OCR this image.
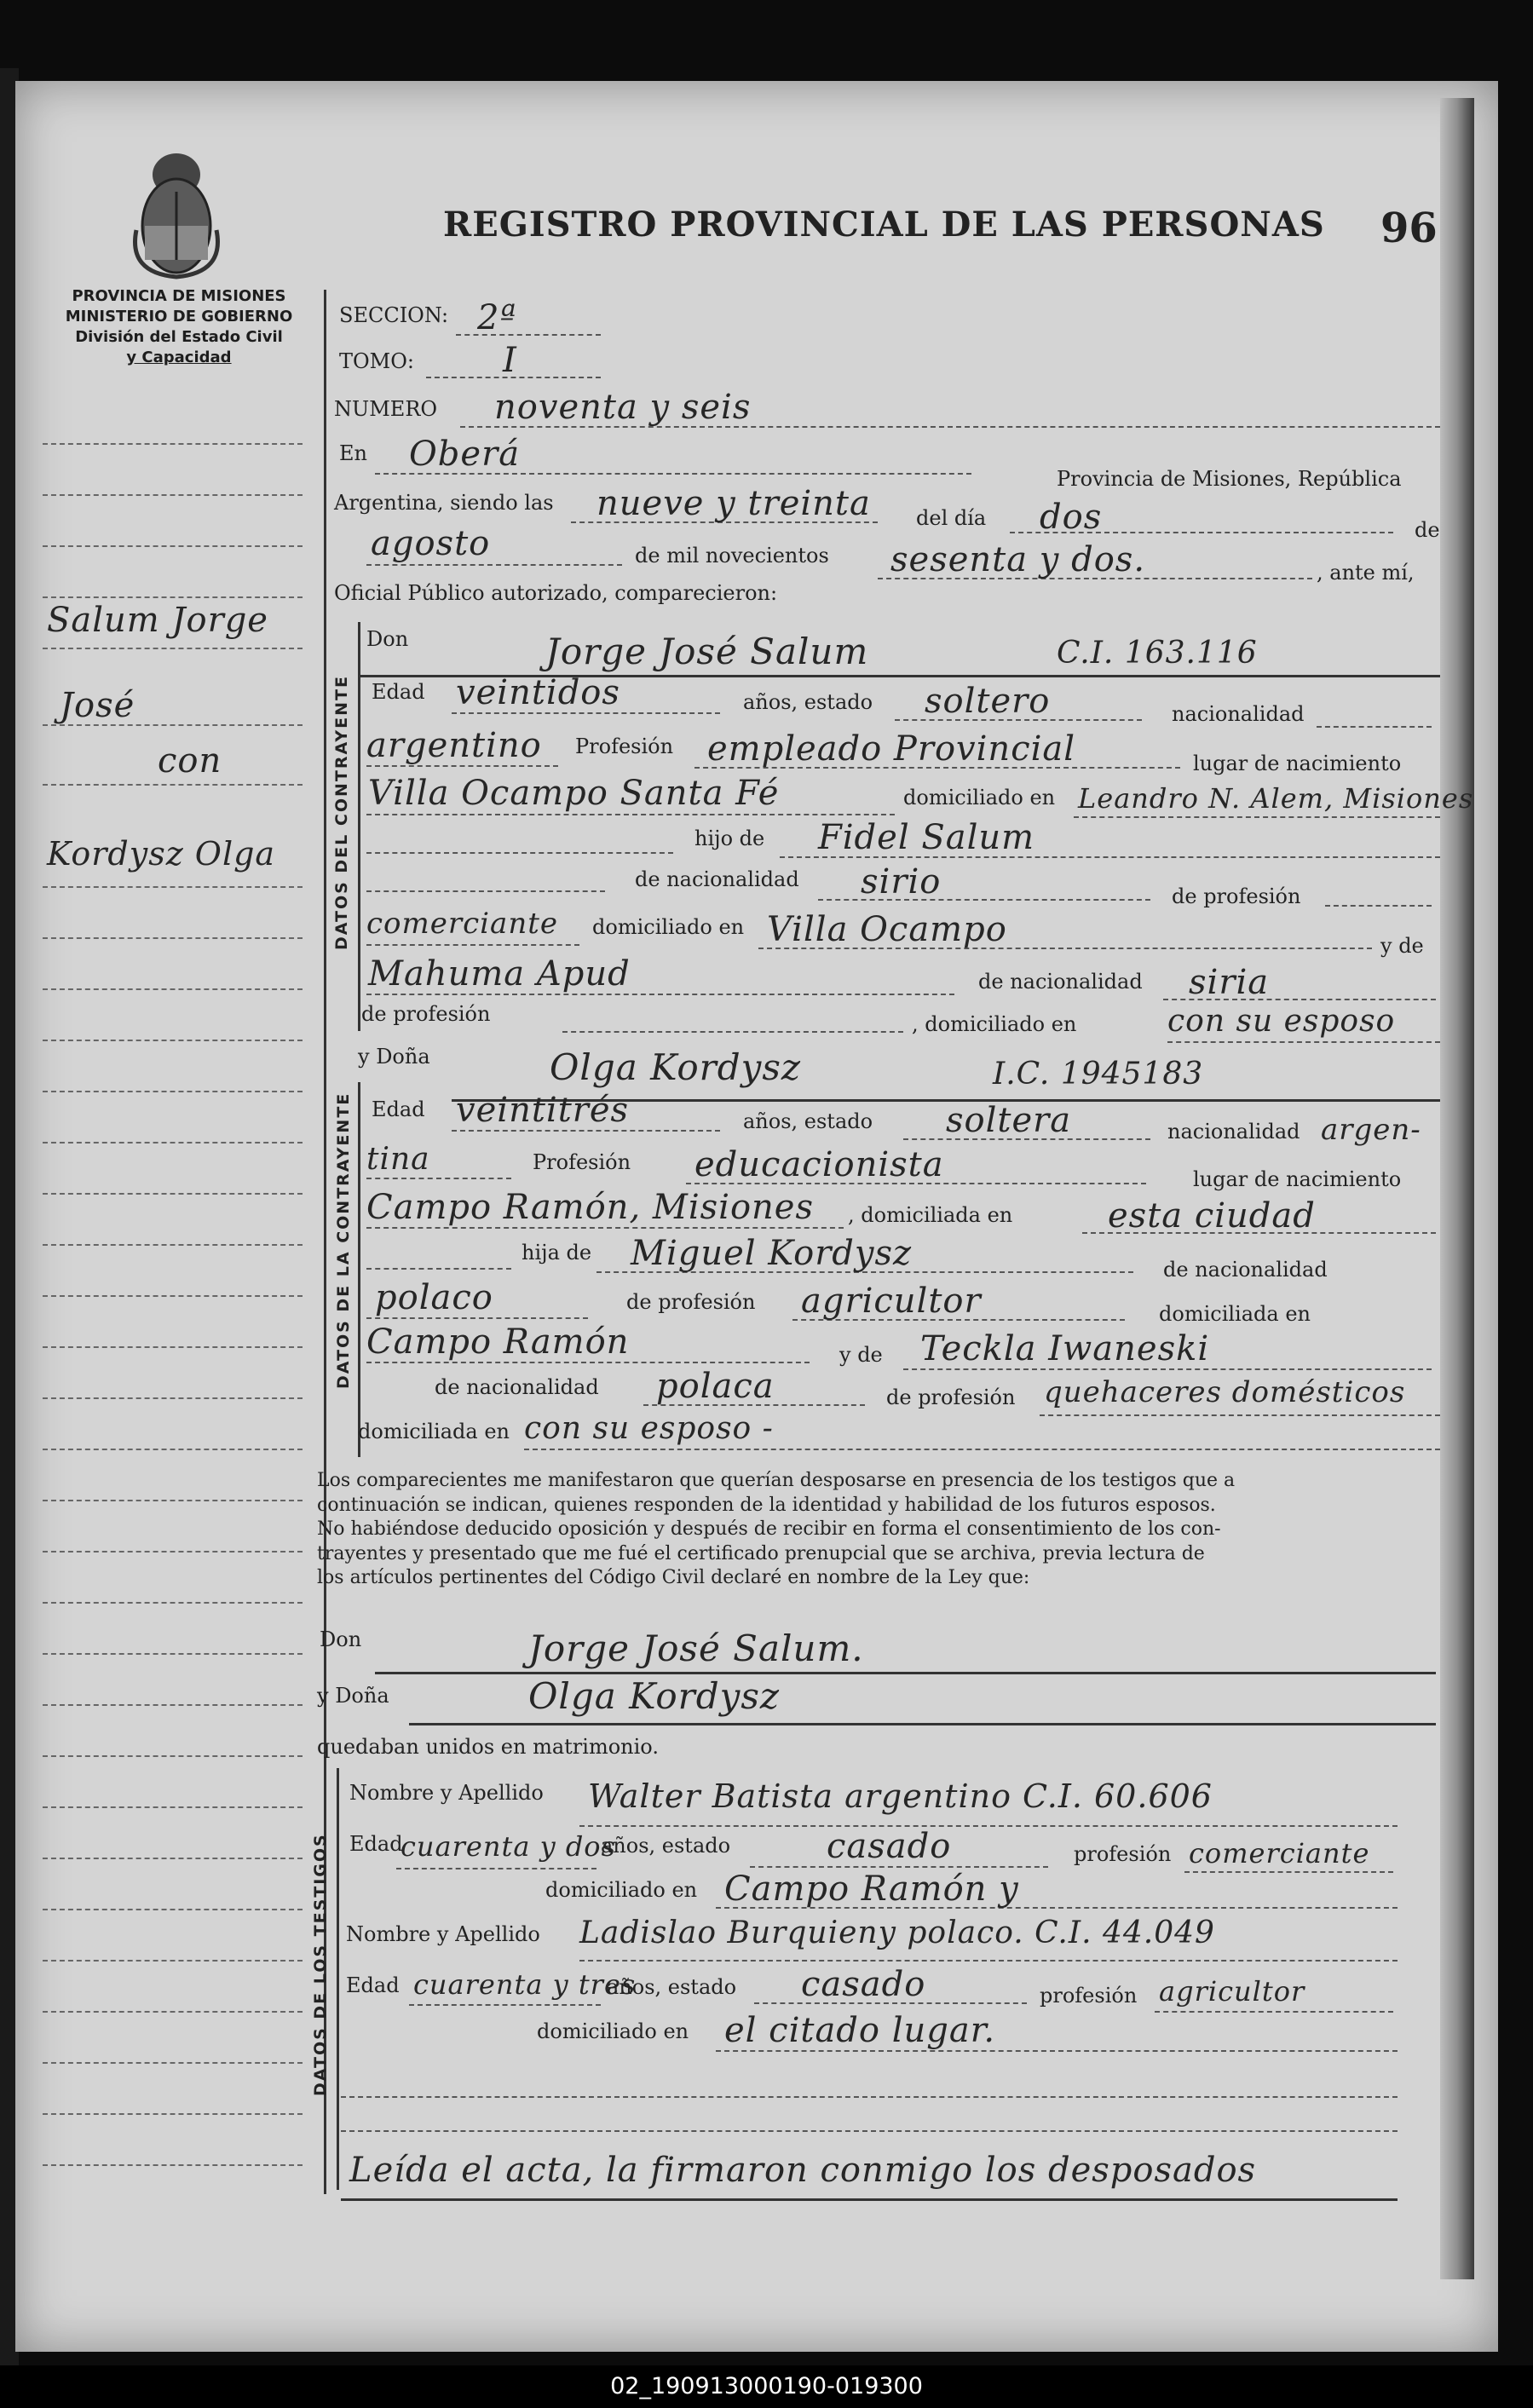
REGISTRO PROVINCIAL DE LAS PERSONAS 96
PROVINCIA DE MISIONES
MINISTERIO DE GOBIERNO
División del Estado Civil
y Capacidad
Salum Jorge
José
con
Kordysz Olga
SECCION: 2ª
TOMO:	I
NUMERO noventa y seis
En Oberá
Provincia de Misiones, República
Argentina, siendo las nueve y treinta del día dos	de
agosto	de mil novecientos sesenta y dos.	, ante mí,
Oficial Público autorizado, comparecieron:
DATOS DEL CONTRAYENTE
Don	Jorge José Salum	C.I. 163.116
Edad veintidos	años, estado soltero	nacionalidad
argentino Profesión empleado Provincial	lugar de nacimiento
Villa Ocampo Santa Fé	domiciliado en Leandro N. Alem, Misiones
hijo de Fidel Salum
de nacionalidad sirio	de profesión
comerciante domiciliado en Villa Ocampo	y de
Mahuma Apud	de nacionalidad siria
de profesión	, domiciliado en	con su esposo
DATOS DE LA CONTRAYENTE
y Doña	Olga Kordysz	I.C. 1945183
Edad veintitrés	años, estado soltera	nacionalidad argen-
tina	Profesión educacionista	lugar de nacimiento
Campo Ramón, Misiones , domiciliada en	esta ciudad
hija de Miguel Kordysz	de nacionalidad
polaco	de profesión agricultor	domiciliada en
Campo Ramón	y de Teckla Iwaneski
de nacionalidad polaca	de profesión quehaceres domésticos
domiciliada en con su esposo -
Los comparecientes me manifestaron que querían desposarse en presencia de los testigos que a
continuación se indican, quienes responden de la identidad y habilidad de los futuros esposos.
No habiéndose deducido oposición y después de recibir en forma el consentimiento de los con-
trayentes y presentado que me fué el certificado prenupcial que se archiva, previa lectura de
los artículos pertinentes del Código Civil declaré en nombre de la Ley que:
Don	Jorge José Salum.
y Doña	Olga Kordysz
quedaban unidos en matrimonio.
DATOS DE LOS TESTIGOS
Nombre y Apellido Walter Batista argentino C.I. 60.606
Edad
cuarenta y dos
años, estado	casado	profesión comerciante
domiciliado en Campo Ramón y
Nombre y Apellido Ladislao Burquieny polaco. C.I. 44.049
Edad cuarenta y tres
años, estado casado	profesión agricultor
domiciliado en el citado lugar.
Leída el acta, la firmaron conmigo los desposados
02_190913000190-019300
